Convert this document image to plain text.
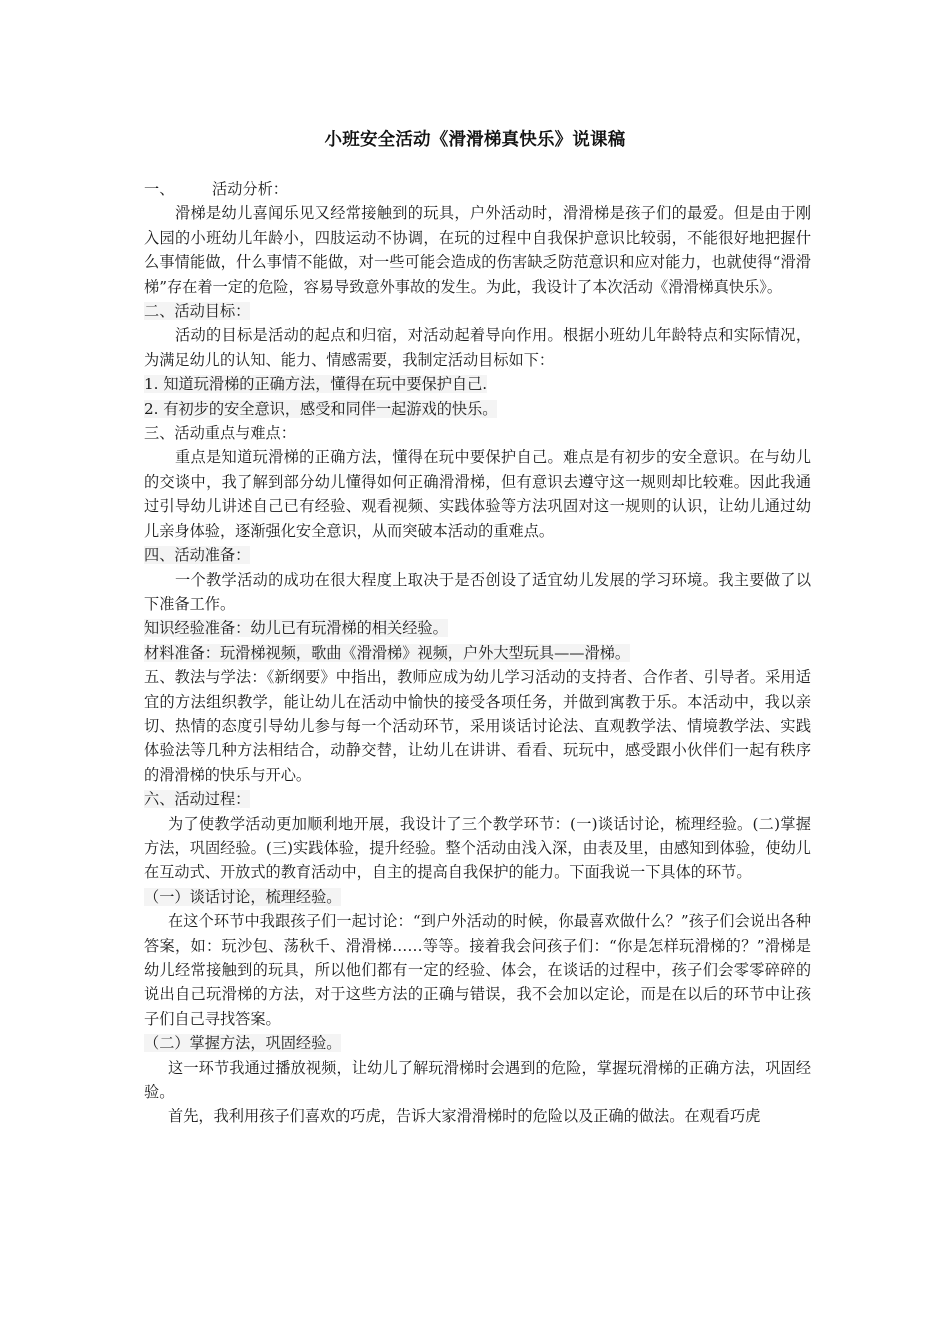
小班安全活动《滑滑梯真快乐》说课稿

一、 活动分析：

滑梯是幼儿喜闻乐见又经常接触到的玩具，户外活动时，滑滑梯是孩子们的最爱。但是由于刚入园的小班幼儿年龄小，四肢运动不协调，在玩的过程中自我保护意识比较弱，不能很好地把握什么事情能做，什么事情不能做，对一些可能会造成的伤害缺乏防范意识和应对能力，也就使得“滑滑梯”存在着一定的危险，容易导致意外事故的发生。为此，我设计了本次活动《滑滑梯真快乐》。

二、活动目标：

活动的目标是活动的起点和归宿，对活动起着导向作用。根据小班幼儿年龄特点和实际情况，为满足幼儿的认知、能力、情感需要，我制定活动目标如下：

1. 知道玩滑梯的正确方法，懂得在玩中要保护自己.

2. 有初步的安全意识，感受和同伴一起游戏的快乐。

三、活动重点与难点：

重点是知道玩滑梯的正确方法，懂得在玩中要保护自己。难点是有初步的安全意识。在与幼儿的交谈中，我了解到部分幼儿懂得如何正确滑滑梯，但有意识去遵守这一规则却比较难。因此我通过引导幼儿讲述自己已有经验、观看视频、实践体验等方法巩固对这一规则的认识，让幼儿通过幼儿亲身体验，逐渐强化安全意识，从而突破本活动的重难点。

四、活动准备：

一个教学活动的成功在很大程度上取决于是否创设了适宜幼儿发展的学习环境。我主要做了以下准备工作。

知识经验准备：幼儿已有玩滑梯的相关经验。

材料准备：玩滑梯视频，歌曲《滑滑梯》视频，户外大型玩具——滑梯。

五、教法与学法：《新纲要》中指出，教师应成为幼儿学习活动的支持者、合作者、引导者。采用适宜的方法组织教学，能让幼儿在活动中愉快的接受各项任务，并做到寓教于乐。本活动中，我以亲切、热情的态度引导幼儿参与每一个活动环节，采用谈话讨论法、直观教学法、情境教学法、实践体验法等几种方法相结合，动静交替，让幼儿在讲讲、看看、玩玩中，感受跟小伙伴们一起有秩序的滑滑梯的快乐与开心。

六、活动过程：

为了使教学活动更加顺利地开展，我设计了三个教学环节：(一)谈话讨论，梳理经验。(二)掌握方法，巩固经验。(三)实践体验，提升经验。整个活动由浅入深，由表及里，由感知到体验，使幼儿在互动式、开放式的教育活动中，自主的提高自我保护的能力。下面我说一下具体的环节。

（一）谈话讨论，梳理经验。

在这个环节中我跟孩子们一起讨论：“到户外活动的时候，你最喜欢做什么？”孩子们会说出各种答案，如：玩沙包、荡秋千、滑滑梯……等等。接着我会问孩子们：“你是怎样玩滑梯的？”滑梯是幼儿经常接触到的玩具，所以他们都有一定的经验、体会，在谈话的过程中，孩子们会零零碎碎的说出自己玩滑梯的方法，对于这些方法的正确与错误，我不会加以定论，而是在以后的环节中让孩子们自己寻找答案。

（二）掌握方法，巩固经验。

这一环节我通过播放视频，让幼儿了解玩滑梯时会遇到的危险，掌握玩滑梯的正确方法，巩固经验。

首先，我利用孩子们喜欢的巧虎，告诉大家滑滑梯时的危险以及正确的做法。在观看巧虎
